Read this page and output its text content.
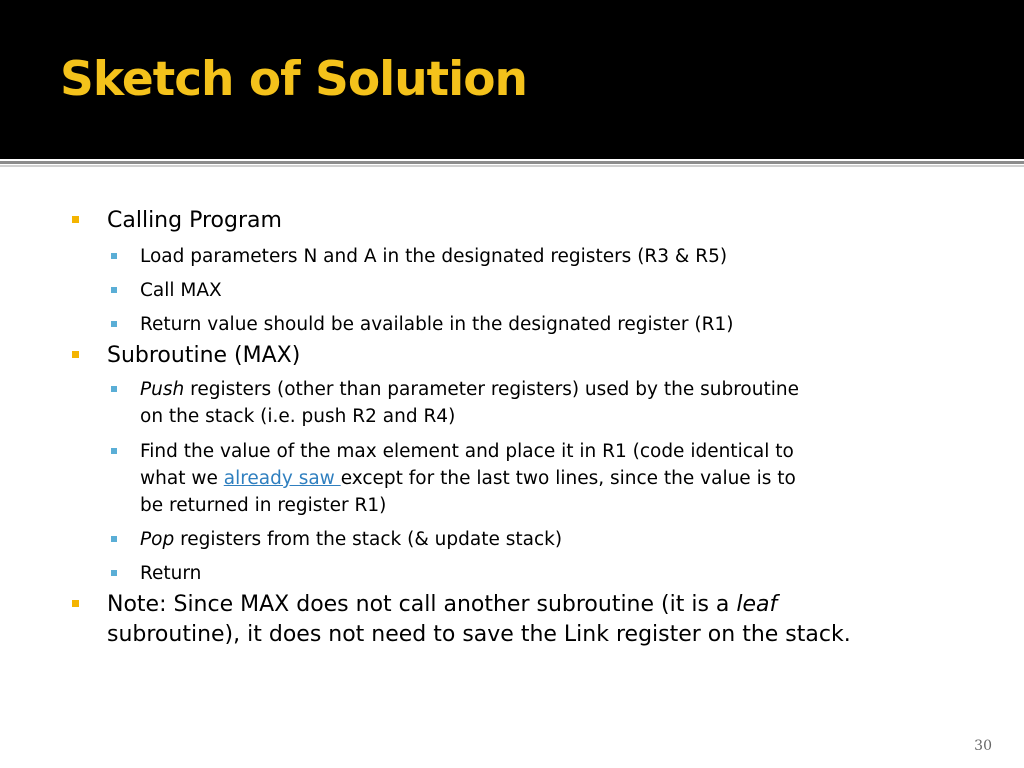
Sketch of Solution

Calling Program

Load parameters N and A in the designated registers (R3 & R5)

Call MAX

Return value should be available in the designated register (R1)

Subroutine (MAX)

Push registers (other than parameter registers) used by the subroutine

on the stack (i.e. push R2 and R4)

Find the value of the max element and place it in R1 (code identical to

what we already saw except for the last two lines, since the value is to

be returned in register R1)

Pop registers from the stack (& update stack)

Return

Note: Since MAX does not call another subroutine (it is a leaf

subroutine), it does not need to save the Link register on the stack.

30
